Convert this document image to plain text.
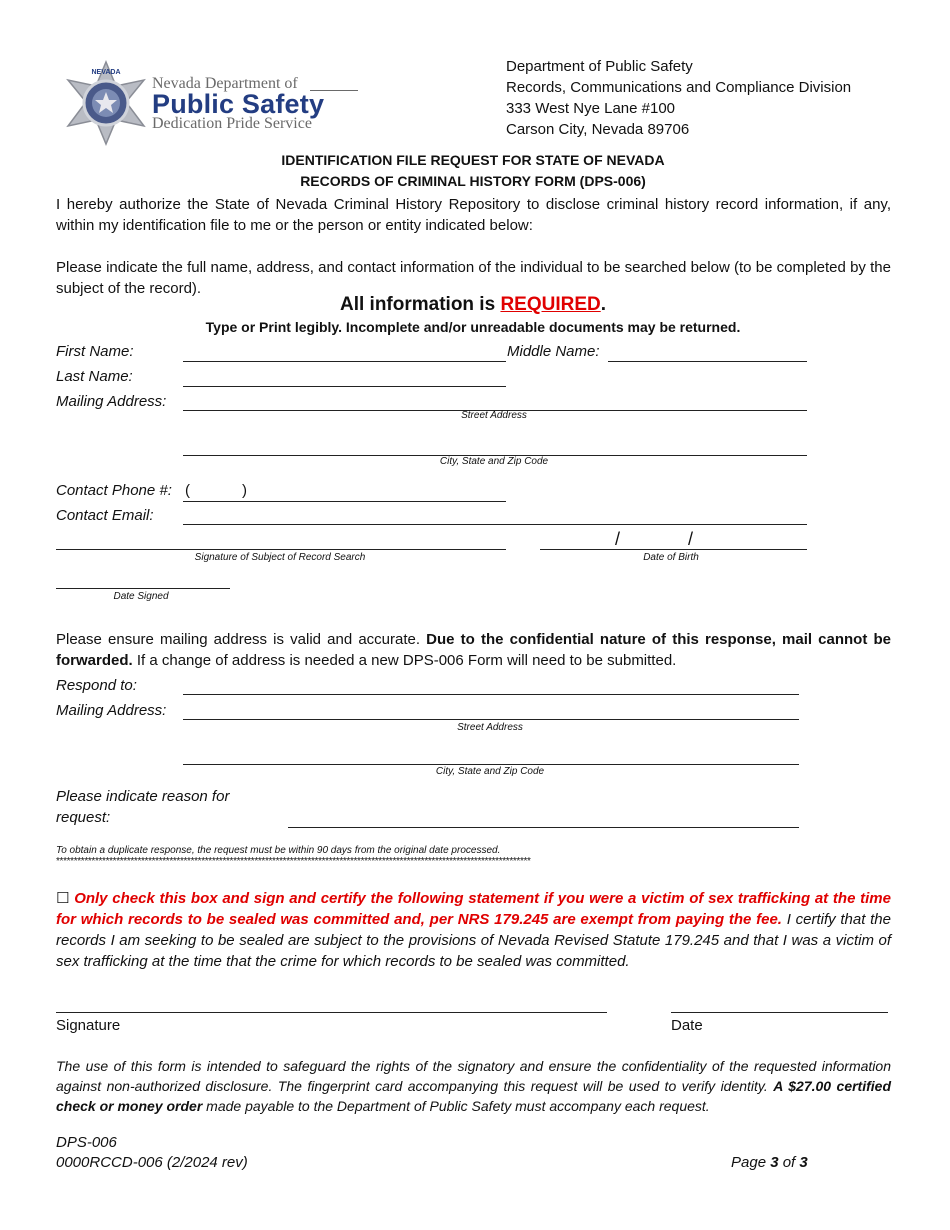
NEVADA
Nevada Department of
Public Safety
Dedication Pride Service
Department of Public Safety
Records, Communications and Compliance Division
333 West Nye Lane #100
Carson City, Nevada 89706
IDENTIFICATION FILE REQUEST FOR STATE OF NEVADA
RECORDS OF CRIMINAL HISTORY FORM (DPS-006)
I hereby authorize the State of Nevada Criminal History Repository to disclose criminal history record information, if any, within my identification file to me or the person or entity indicated below:
Please indicate the full name, address, and contact information of the individual to be searched below (to be completed by the subject of the record).
All information is REQUIRED.
Type or Print legibly. Incomplete and/or unreadable documents may be returned.
First Name:	Middle Name:
Last Name:
Mailing Address:
Street Address
City, State and Zip Code
Contact Phone #: (	)
Contact Email:
Signature of Subject of Record Search
/	/
Date of Birth
Date Signed
Please ensure mailing address is valid and accurate. Due to the confidential nature of this response, mail cannot be forwarded. If a change of address is needed a new DPS-006 Form will need to be submitted.
Respond to:
Mailing Address:
Street Address
City, State and Zip Code
Please indicate reason for
request:
To obtain a duplicate response, the request must be within 90 days from the original date processed.
**************************************************************************************************************************************
☐ Only check this box and sign and certify the following statement if you were a victim of sex trafficking at the time for which records to be sealed was committed and, per NRS 179.245 are exempt from paying the fee. I certify that the records I am seeking to be sealed are subject to the provisions of Nevada Revised Statute 179.245 and that I was a victim of sex trafficking at the time that the crime for which records to be sealed was committed.
Signature	Date
The use of this form is intended to safeguard the rights of the signatory and ensure the confidentiality of the requested information against non-authorized disclosure. The fingerprint card accompanying this request will be used to verify identity. A $27.00 certified check or money order made payable to the Department of Public Safety must accompany each request.
DPS-006
0000RCCD-006 (2/2024 rev)	Page 3 of 3
